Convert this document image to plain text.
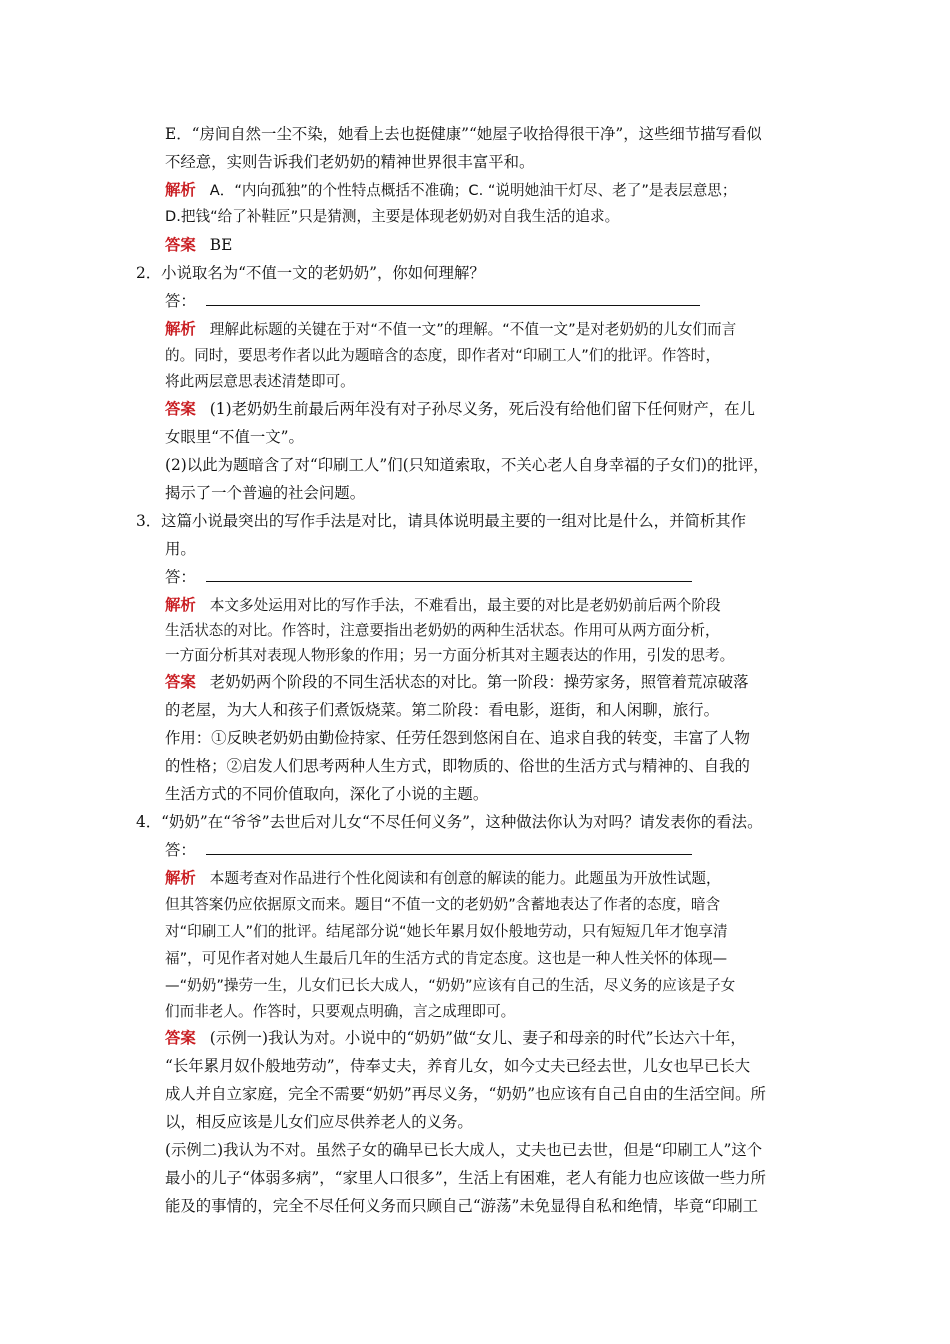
E．“房间自然一尘不染，她看上去也挺健康”“她屋子收拾得很干净”，这些细节描写看似
不经意，实则告诉我们老奶奶的精神世界很丰富平和。
解析 A．“内向孤独”的个性特点概括不准确；C. “说明她油干灯尽、老了”是表层意思；
D.把钱“给了补鞋匠”只是猜测，主要是体现老奶奶对自我生活的追求。
答案 BE
2．小说取名为“不值一文的老奶奶”，你如何理解？
答：
解析 理解此标题的关键在于对“不值一文”的理解。“不值一文”是对老奶奶的儿女们而言
的。同时，要思考作者以此为题暗含的态度，即作者对“印刷工人”们的批评。作答时，
将此两层意思表述清楚即可。
答案 (1)老奶奶生前最后两年没有对子孙尽义务，死后没有给他们留下任何财产，在儿
女眼里“不值一文”。
(2)以此为题暗含了对“印刷工人”们(只知道索取，不关心老人自身幸福的子女们)的批评，
揭示了一个普遍的社会问题。
3．这篇小说最突出的写作手法是对比，请具体说明最主要的一组对比是什么，并简析其作
用。
答：
解析 本文多处运用对比的写作手法，不难看出，最主要的对比是老奶奶前后两个阶段
生活状态的对比。作答时，注意要指出老奶奶的两种生活状态。作用可从两方面分析，
一方面分析其对表现人物形象的作用；另一方面分析其对主题表达的作用，引发的思考。
答案 老奶奶两个阶段的不同生活状态的对比。第一阶段：操劳家务，照管着荒凉破落
的老屋，为大人和孩子们煮饭烧菜。第二阶段：看电影，逛街，和人闲聊，旅行。
作用：①反映老奶奶由勤俭持家、任劳任怨到悠闲自在、追求自我的转变，丰富了人物
的性格；②启发人们思考两种人生方式，即物质的、俗世的生活方式与精神的、自我的
生活方式的不同价值取向，深化了小说的主题。
4．“奶奶”在“爷爷”去世后对儿女“不尽任何义务”，这种做法你认为对吗？请发表你的看法。
答：
解析 本题考查对作品进行个性化阅读和有创意的解读的能力。此题虽为开放性试题，
但其答案仍应依据原文而来。题目“不值一文的老奶奶”含蓄地表达了作者的态度，暗含
对“印刷工人”们的批评。结尾部分说“她长年累月奴仆般地劳动，只有短短几年才饱享清
福”，可见作者对她人生最后几年的生活方式的肯定态度。这也是一种人性关怀的体现—
—“奶奶”操劳一生，儿女们已长大成人，“奶奶”应该有自己的生活，尽义务的应该是子女
们而非老人。作答时，只要观点明确，言之成理即可。
答案 (示例一)我认为对。小说中的“奶奶”做“女儿、妻子和母亲的时代”长达六十年，
“长年累月奴仆般地劳动”，侍奉丈夫，养育儿女，如今丈夫已经去世，儿女也早已长大
成人并自立家庭，完全不需要“奶奶”再尽义务，“奶奶”也应该有自己自由的生活空间。所
以，相反应该是儿女们应尽供养老人的义务。
(示例二)我认为不对。虽然子女的确早已长大成人，丈夫也已去世，但是“印刷工人”这个
最小的儿子“体弱多病”，“家里人口很多”，生活上有困难，老人有能力也应该做一些力所
能及的事情的，完全不尽任何义务而只顾自己“游荡”未免显得自私和绝情，毕竟“印刷工
